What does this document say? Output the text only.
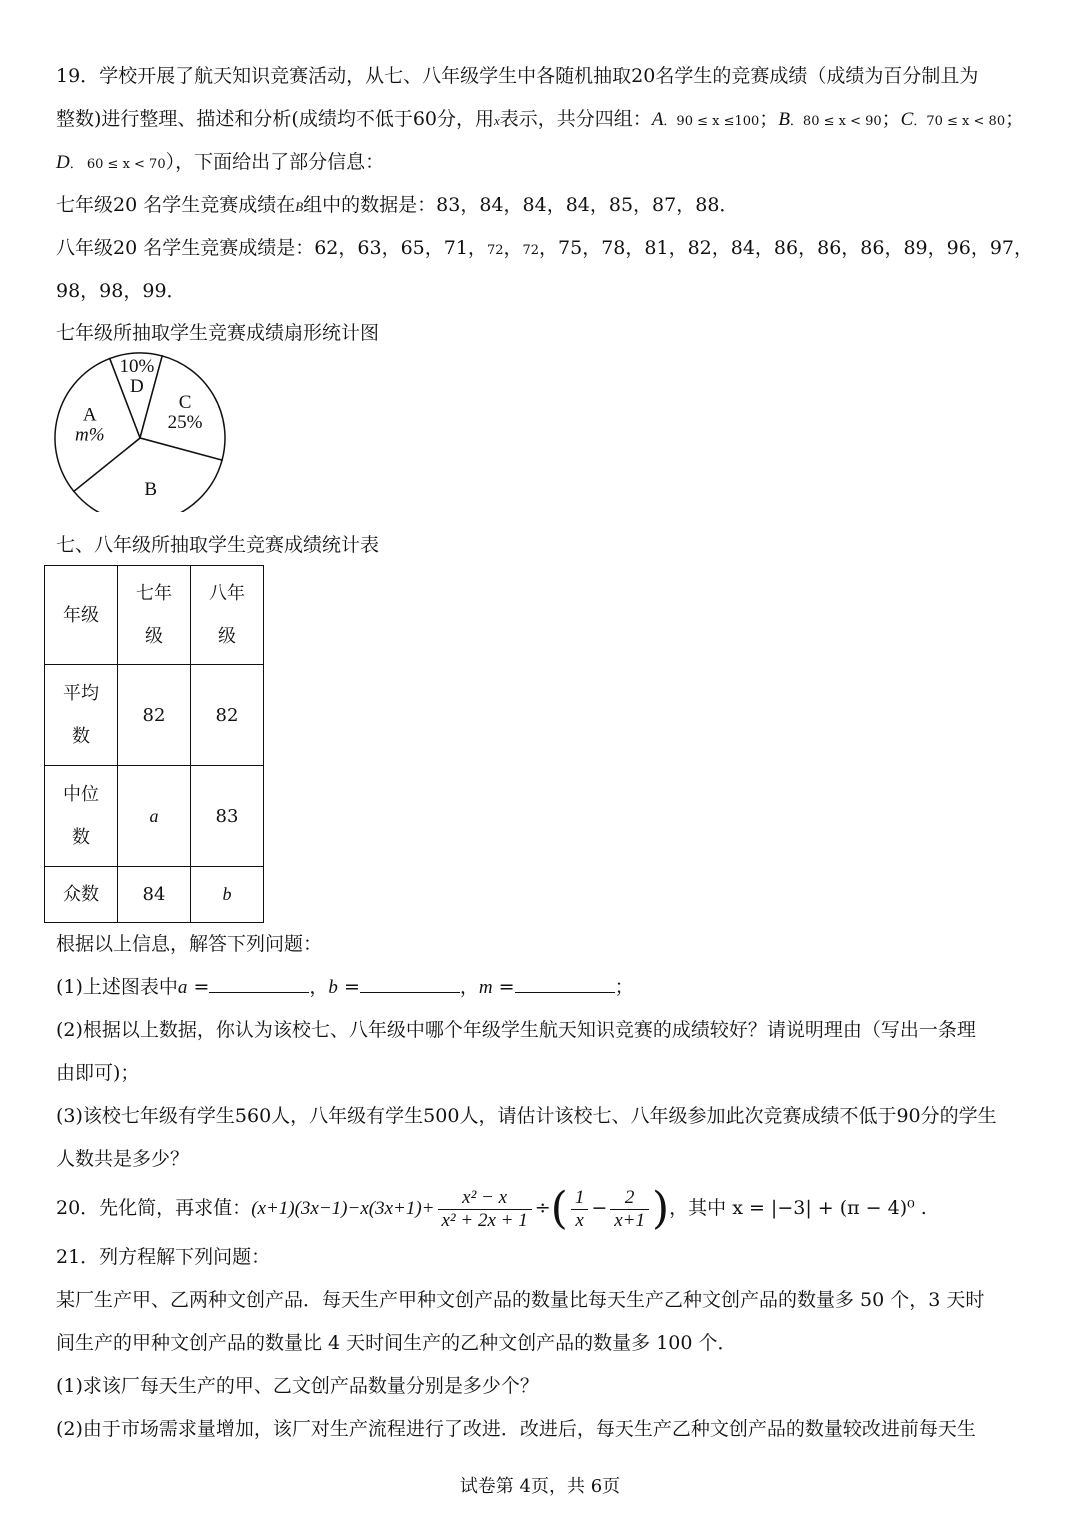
19．学校开展了航天知识竞赛活动，从七、八年级学生中各随机抽取20名学生的竞赛成绩（成绩为百分制且为
整数)进行整理、描述和分析(成绩均不低于60分，用x表示，共分四组：A．90 ≤ x ≤100；B．80 ≤ x < 90；C．70 ≤ x < 80；
D． 60 ≤ x < 70），下面给出了部分信息：
七年级20 名学生竞赛成绩在B组中的数据是：83，84，84，84，85，87，88．
八年级20 名学生竞赛成绩是：62，63，65，71，72，72，75，78，81，82，84，86，86，86，89，96，97，
98，98，99．
七年级所抽取学生竞赛成绩扇形统计图
10%
D
C
25%
B
A
m%
七、八年级所抽取学生竞赛成绩统计表
年级	七年级	八年级
平均数	82	82
中位数	a	83
众数	84	b
根据以上信息，解答下列问题：
(1)上述图表中a =	，b =	，m =	；
(2)根据以上数据，你认为该校七、八年级中哪个年级学生航天知识竞赛的成绩较好？请说明理由（写出一条理
由即可)；
(3)该校七年级有学生560人，八年级有学生500人，请估计该校七、八年级参加此次竞赛成绩不低于90分的学生
人数共是多少？
20．先化简，再求值：$(x+1)(3x-1)-x(3x+1)+ \frac{\text{x² − x}}{\text{x² + 2x + 1}}$ ÷( $\frac{1}{x} - \frac{2}{x+1}$ )，其中 x = |−3| + (π − 4)⁰ .
21．列方程解下列问题：
某厂生产甲、乙两种文创产品．每天生产甲种文创产品的数量比每天生产乙种文创产品的数量多 50 个，3 天时
间生产的甲种文创产品的数量比 4 天时间生产的乙种文创产品的数量多 100 个．
(1)求该厂每天生产的甲、乙文创产品数量分别是多少个？
(2)由于市场需求量增加，该厂对生产流程进行了改进．改进后，每天生产乙种文创产品的数量较改进前每天生
试卷第 4页，共 6页
